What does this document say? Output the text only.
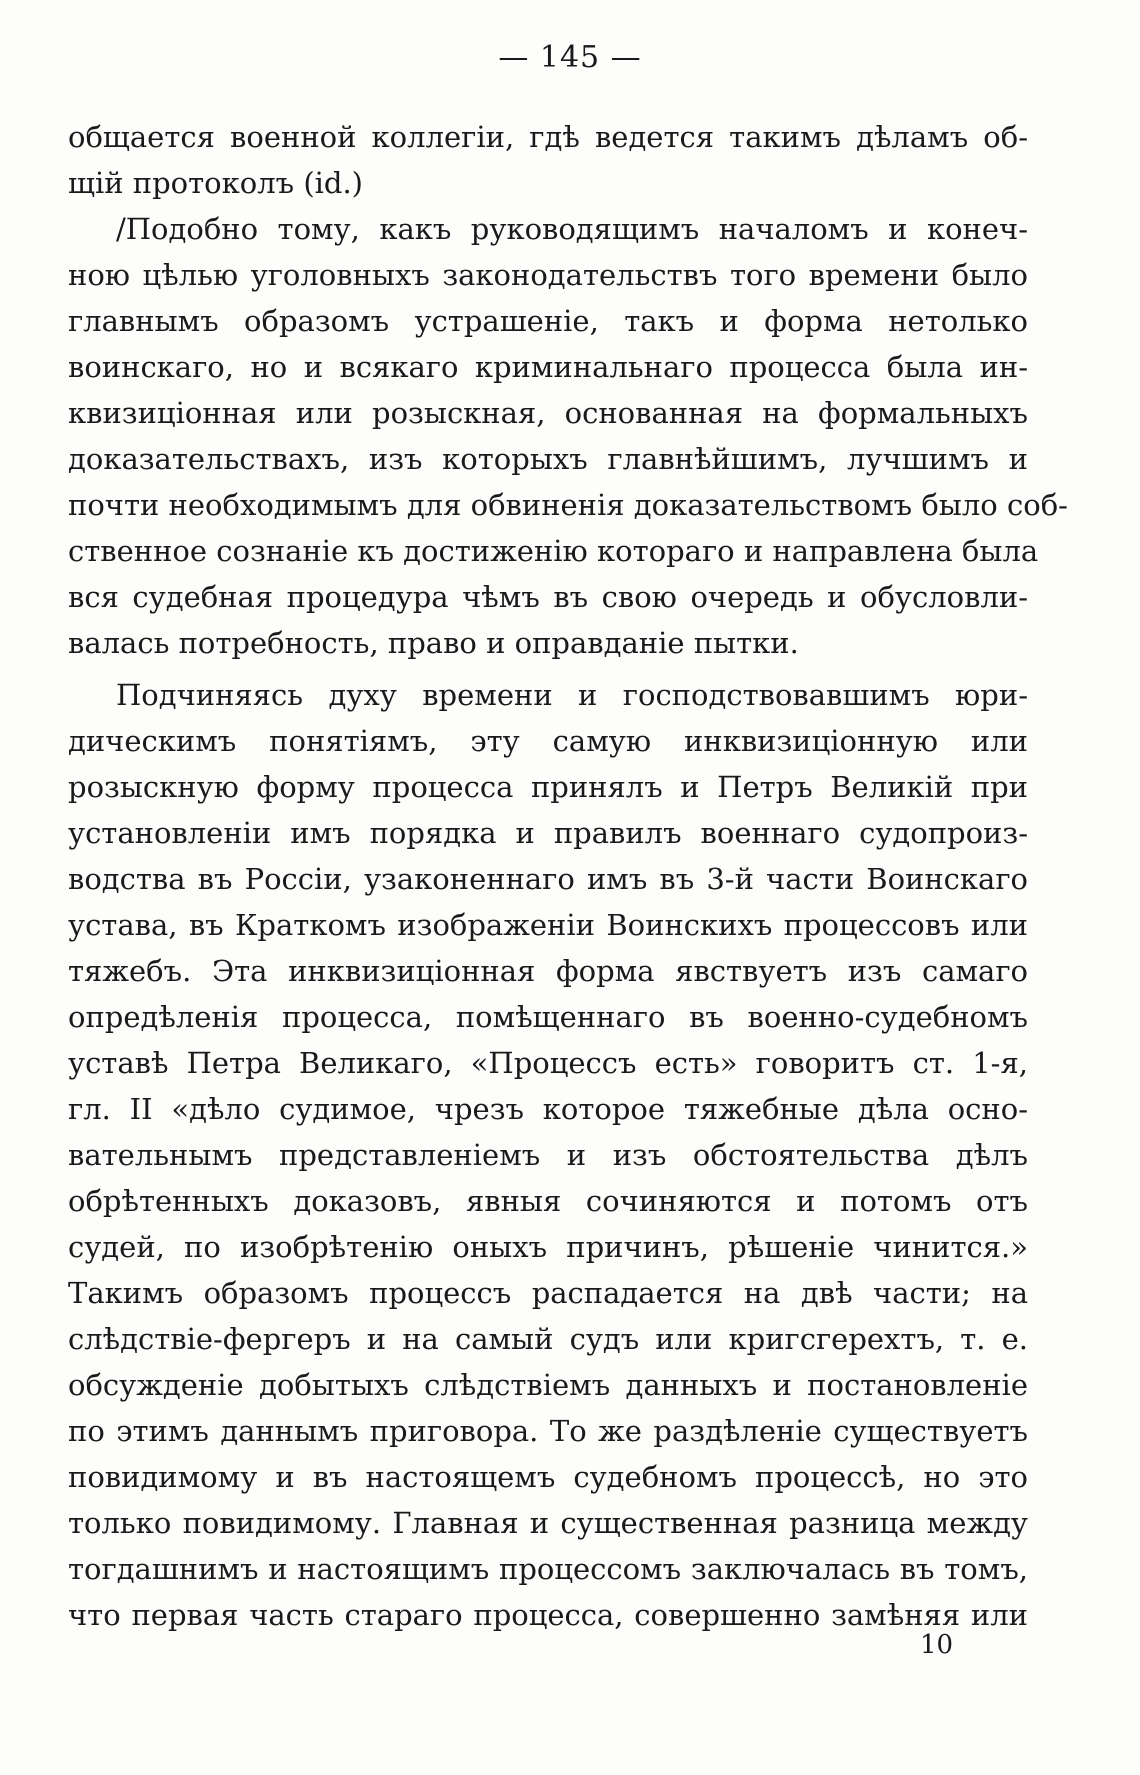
— 145 —
общается военной коллегіи, гдѣ ведется такимъ дѣламъ об-
щій протоколъ (id.)
/Подобно тому, какъ руководящимъ началомъ и конеч-
ною цѣлью уголовныхъ законодательствъ того времени было
главнымъ образомъ устрашеніе, такъ и форма нетолько
воинскаго, но и всякаго криминальнаго процесса была ин-
квизиціонная или розыскная, основанная на формальныхъ
доказательствахъ, изъ которыхъ главнѣйшимъ, лучшимъ и
почти необходимымъ для обвиненія доказательствомъ было соб-
ственное сознаніе къ достиженію котораго и направлена была
вся судебная процедура чѣмъ въ свою очередь и обусловли-
валась потребность, право и оправданіе пытки.
Подчиняясь духу времени и господствовавшимъ юри-
дическимъ понятіямъ, эту самую инквизиціонную или
розыскную форму процесса принялъ и Петръ Великій при
установленіи имъ порядка и правилъ военнаго судопроиз-
водства въ Россіи, узаконеннаго имъ въ 3-й части Воинскаго
устава, въ Краткомъ изображеніи Воинскихъ процессовъ или
тяжебъ. Эта инквизиціонная форма явствуетъ изъ самаго
опредѣленія процесса, помѣщеннаго въ военно-судебномъ
уставѣ Петра Великаго, «Процессъ есть» говоритъ ст. 1-я,
гл. II «дѣло судимое, чрезъ которое тяжебные дѣла осно-
вательнымъ представленіемъ и изъ обстоятельства дѣлъ
обрѣтенныхъ доказовъ, явныя сочиняются и потомъ отъ
судей, по изобрѣтенію оныхъ причинъ, рѣшеніе чинится.»
Такимъ образомъ процессъ распадается на двѣ части; на
слѣдствіе-фергеръ и на самый судъ или кригсгерехтъ, т. е.
обсужденіе добытыхъ слѣдствіемъ данныхъ и постановленіе
по этимъ даннымъ приговора. То же раздѣленіе существуетъ
повидимому и въ настоящемъ судебномъ процессѣ, но это
только повидимому. Главная и существенная разница между
тогдашнимъ и настоящимъ процессомъ заключалась въ томъ,
что первая часть стараго процесса, совершенно замѣняя или
10
